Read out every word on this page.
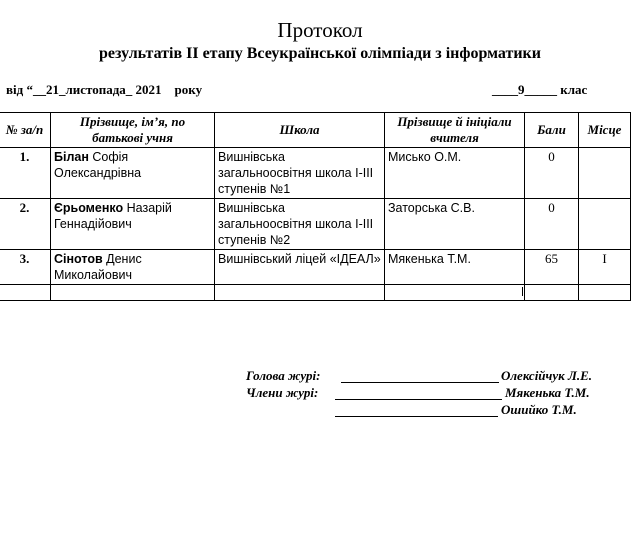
Протокол
результатів ІІ етапу Всеукраїнської олімпіади з інформатики
від “__21_листопада_ 2021    року	____9_____ клас
№ за/п	Прізвище, ім’я, по батькові учня	Школа	Прізвище й ініціали вчителя	Бали	Місце
1.	Білан Софія Олександрівна	Вишнівська загальноосвітня школа І-ІІІ ступенів №1	Мисько О.М.	0	
2.	Єрьоменко Назарій Геннадійович	Вишнівська загальноосвітня школа І-ІІІ ступенів №2	Заторська С.В.	0	
3.	Сінотов Денис Миколайович	Вишнівський ліцей «ІДЕАЛ»	Мякенька Т.М.	65	I

Голова журі:	Олексійчук Л.Е.
Члени журі:	Мякенька Т.М.
Ошийко Т.М.
